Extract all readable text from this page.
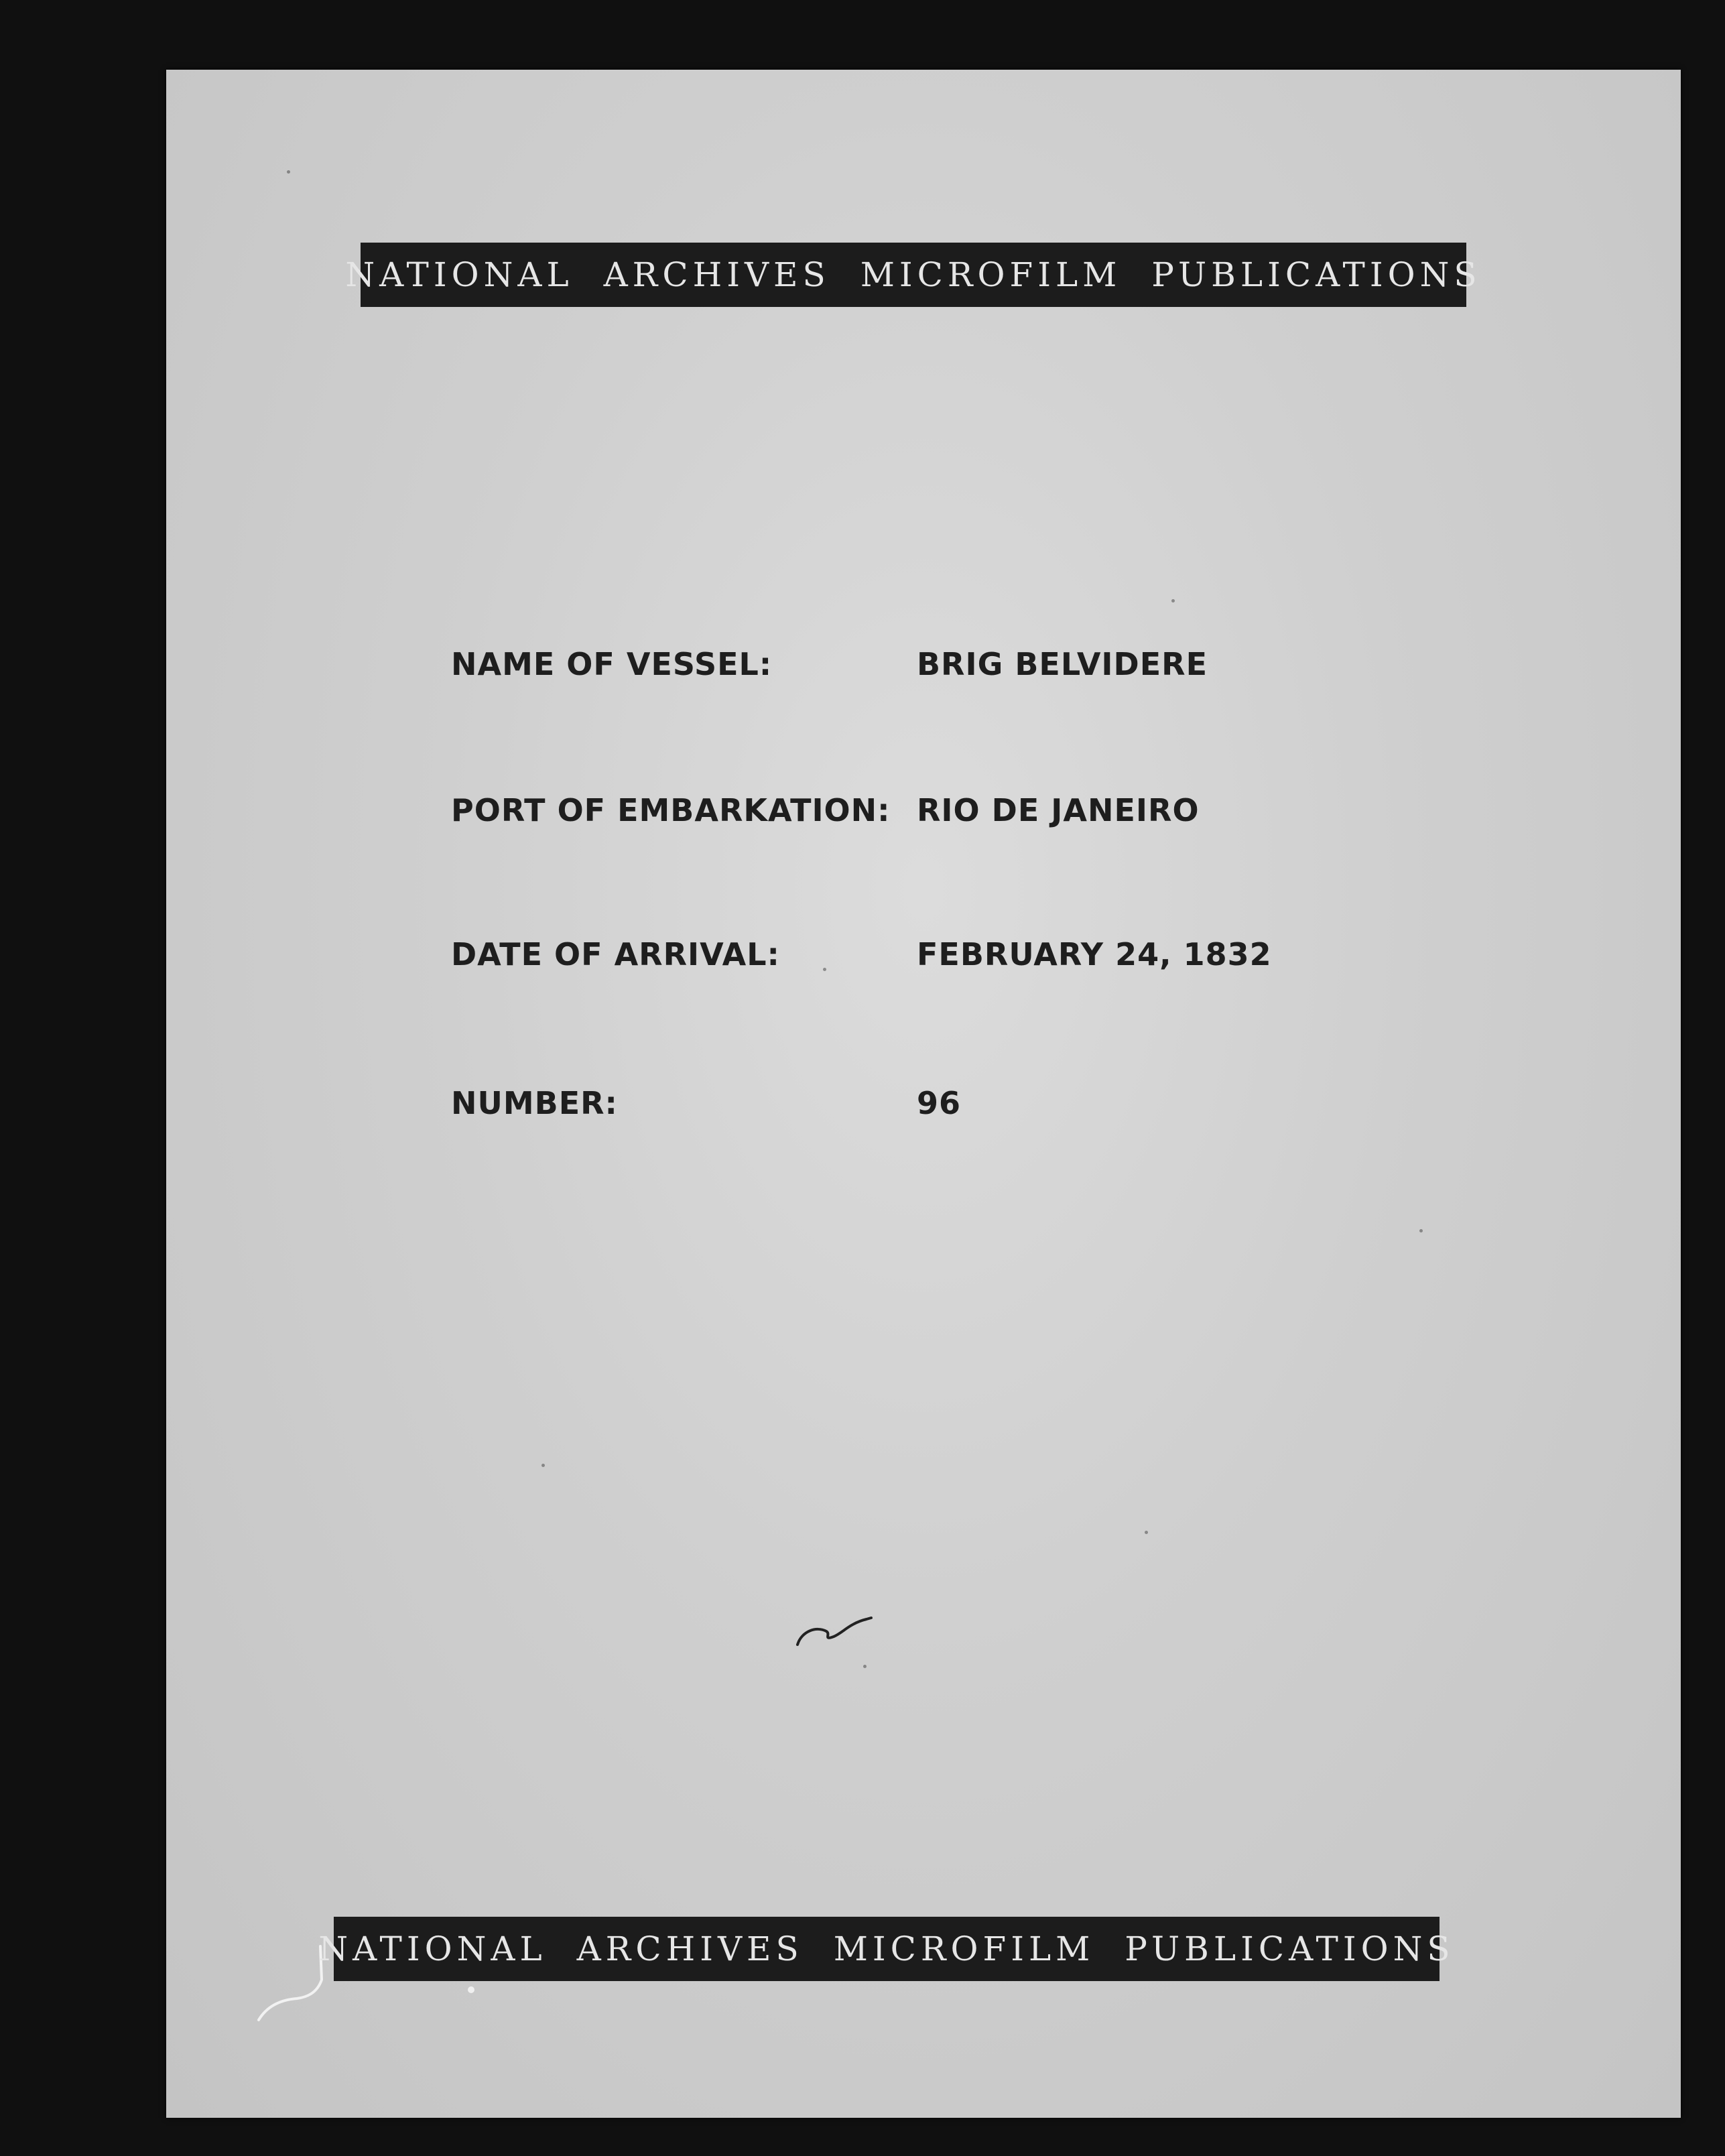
NATIONAL ARCHIVES MICROFILM PUBLICATIONS
NAME OF VESSEL:	BRIG BELVIDERE
PORT OF EMBARKATION: RIO DE JANEIRO
DATE OF ARRIVAL:	FEBRUARY 24, 1832
NUMBER:	96
NATIONAL ARCHIVES MICROFILM PUBLICATIONS
